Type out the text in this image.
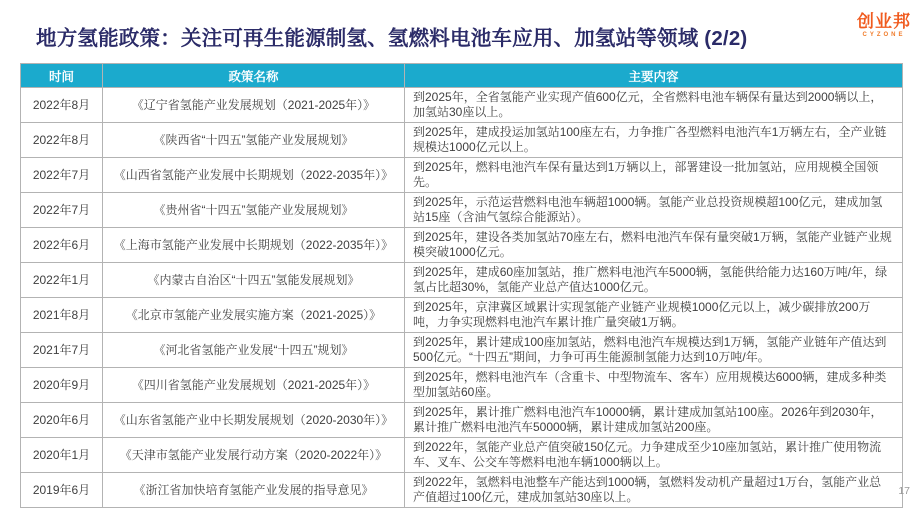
地方氢能政策：关注可再生能源制氢、氢燃料电池车应用、加氢站等领域 (2/2)
创业邦
CYZONE
时间	政策名称	主要内容
2022年8月	《辽宁省氢能产业发展规划（2021-2025年）》	到2025年，全省氢能产业实现产值600亿元，全省燃料电池车辆保有量达到2000辆以上，加氢站30座以上。
2022年8月	《陕西省“十四五”氢能产业发展规划》	到2025年，建成投运加氢站100座左右，力争推广各型燃料电池汽车1万辆左右，全产业链规模达1000亿元以上。
2022年7月	《山西省氢能产业发展中长期规划（2022-2035年）》	到2025年，燃料电池汽车保有量达到1万辆以上，部署建设一批加氢站，应用规模全国领先。
2022年7月	《贵州省“十四五”氢能产业发展规划》	到2025年，示范运营燃料电池车辆超1000辆。氢能产业总投资规模超100亿元，建成加氢站15座（含油气氢综合能源站）。
2022年6月	《上海市氢能产业发展中长期规划（2022-2035年）》	到2025年，建设各类加氢站70座左右，燃料电池汽车保有量突破1万辆，氢能产业链产业规模突破1000亿元。
2022年1月	《内蒙古自治区“十四五”氢能发展规划》	到2025年，建成60座加氢站，推广燃料电池汽车5000辆，氢能供给能力达160万吨/年，绿氢占比超30%，氢能产业总产值达1000亿元。
2021年8月	《北京市氢能产业发展实施方案（2021-2025）》	到2025年，京津冀区域累计实现氢能产业链产业规模1000亿元以上，减少碳排放200万吨，力争实现燃料电池汽车累计推广量突破1万辆。
2021年7月	《河北省氢能产业发展“十四五”规划》	到2025年，累计建成100座加氢站，燃料电池汽车规模达到1万辆，氢能产业链年产值达到500亿元。“十四五”期间，力争可再生能源制氢能力达到10万吨/年。
2020年9月	《四川省氢能产业发展规划（2021-2025年）》	到2025年，燃料电池汽车（含重卡、中型物流车、客车）应用规模达6000辆，建成多种类型加氢站60座。
2020年6月	《山东省氢能产业中长期发展规划（2020-2030年）》	到2025年，累计推广燃料电池汽车10000辆，累计建成加氢站100座。2026年到2030年，累计推广燃料电池汽车50000辆，累计建成加氢站200座。
2020年1月	《天津市氢能产业发展行动方案（2020-2022年）》	到2022年，氢能产业总产值突破150亿元。力争建成至少10座加氢站，累计推广使用物流车、叉车、公交车等燃料电池车辆1000辆以上。
2019年6月	《浙江省加快培育氢能产业发展的指导意见》	到2022年，氢燃料电池整车产能达到1000辆，氢燃料发动机产量超过1万台，氢能产业总产值超过100亿元，建成加氢站30座以上。	17
